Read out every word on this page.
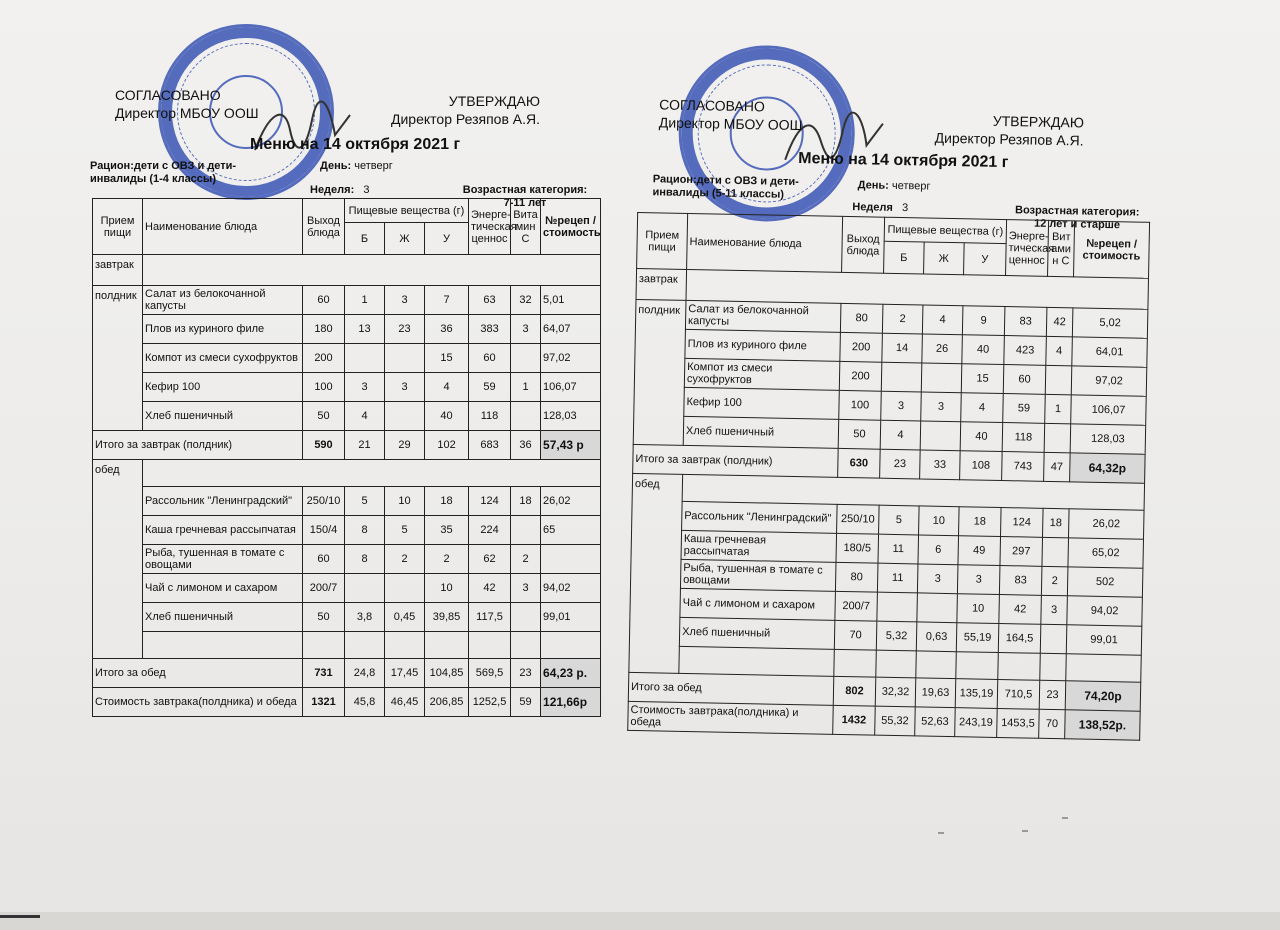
СОГЛАСОВАНО
Директор МБОУ ООШ
УТВЕРЖДАЮ
Директор Резяпов А.Я.
Меню на 14 октября 2021 г
Рацион:дети с ОВЗ и дети-инвалиды (1-4 классы)
День: четверг
Неделя: 3	Возрастная категория:
7-11 лет
Прием пищи	Наименование блюда	Выход блюда	Пищевые вещества (г)			Энерге-тическая ценнос	Вита мин С	№рецеп /стоимость
			Б	Ж	У			
завтрак								
полдник	Салат из белокочанной капусты	60	1	3	7	63	32	5,01
	Плов из куриного филе	180	13	23	36	383	3	64,07
	Компот из смеси сухофруктов	200			15	60		97,02
	Кефир 100	100	3	3	4	59	1	106,07
	Хлеб пшеничный	50	4		40	118		128,03
Итого за завтрак (полдник)		590	21	29	102	683	36	57,43 р
обед								
	Рассольник "Ленинградский"	250/10	5	10	18	124	18	26,02
	Каша гречневая рассыпчатая	150/4	8	5	35	224		65
	Рыба, тушенная в томате с овощами	60	8	2	2	62	2	
	Чай с лимоном и сахаром	200/7			10	42	3	94,02
	Хлеб пшеничный	50	3,8	0,45	39,85	117,5		99,01

Итого за обед		731	24,8	17,45	104,85	569,5	23	64,23 р.
Стоимость завтрака(полдника) и обеда		1321	45,8	46,45	206,85	1252,5	59	121,66р
СОГЛАСОВАНО
Директор МБОУ ООШ	УТВЕРЖДАЮ
Директор Резяпов А.Я.
Меню на 14 октября 2021 г
Рацион:дети с ОВЗ и дети-инвалиды (5-11 классы)
День: четверг
Неделя 3	Возрастная категория:
12 лет и старше
Прием пищи	Наименование блюда	Выход блюда	Пищевые вещества (г)			Энерге-тическая ценнос	Вит ами н С	№рецеп /стоимость
			Б	Ж	У			
завтрак								
полдник	Салат из белокочанной капусты	80	2	4	9	83	42	5,02
	Плов из куриного филе	200	14	26	40	423	4	64,01
	Компот из смеси сухофруктов	200			15	60		97,02
	Кефир 100	100	3	3	4	59	1	106,07
	Хлеб пшеничный	50	4		40	118		128,03
Итого за завтрак (полдник)		630	23	33	108	743	47	64,32р
обед								
	Рассольник "Ленинградский"	250/10	5	10	18	124	18	26,02
	Каша гречневая рассыпчатая	180/5	11	6	49	297		65,02
	Рыба, тушенная в томате с овощами	80	11	3	3	83	2	502
	Чай с лимоном и сахаром	200/7			10	42	3	94,02
	Хлеб пшеничный	70	5,32	0,63	55,19	164,5		99,01

Итого за обед		802	32,32	19,63	135,19	710,5	23	74,20р
Стоимость завтрака(полдника) и обеда		1432	55,32	52,63	243,19	1453,5	70	138,52р.
